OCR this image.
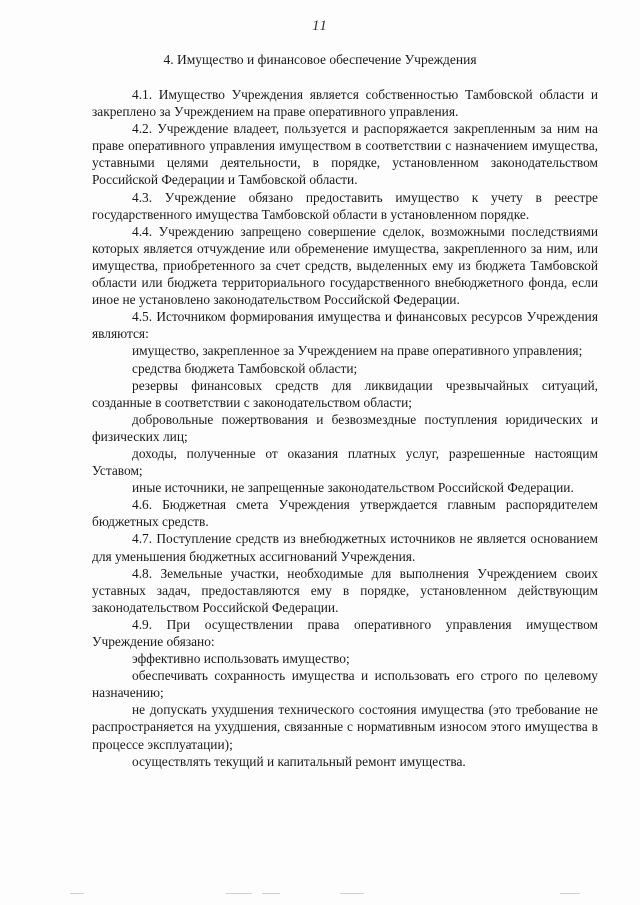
11
4. Имущество и финансовое обеспечение Учреждения

4.1. Имущество Учреждения является собственностью Тамбовской области и закреплено за Учреждением на праве оперативного управления.

4.2. Учреждение владеет, пользуется и распоряжается закрепленным за ним на праве оперативного управления имуществом в соответствии с назначением имущества, уставными целями деятельности, в порядке, установленном законодательством Российской Федерации и Тамбовской области.

4.3. Учреждение обязано предоставить имущество к учету в реестре государственного имущества Тамбовской области в установленном порядке.

4.4. Учреждению запрещено совершение сделок, возможными последствиями которых является отчуждение или обременение имущества, закрепленного за ним, или имущества, приобретенного за счет средств, выделенных ему из бюджета Тамбовской области или бюджета территориального государственного внебюджетного фонда, если иное не установлено законодательством Российской Федерации.

4.5. Источником формирования имущества и финансовых ресурсов Учреждения являются:

имущество, закрепленное за Учреждением на праве оперативного управления;

средства бюджета Тамбовской области;

резервы финансовых средств для ликвидации чрезвычайных ситуаций, созданные в соответствии с законодательством области;

добровольные пожертвования и безвозмездные поступления юридических и физических лиц;

доходы, полученные от оказания платных услуг, разрешенные настоящим Уставом;

иные источники, не запрещенные законодательством Российской Федерации.

4.6. Бюджетная смета Учреждения утверждается главным распорядителем бюджетных средств.

4.7. Поступление средств из внебюджетных источников не является основанием для уменьшения бюджетных ассигнований Учреждения.

4.8. Земельные участки, необходимые для выполнения Учреждением своих уставных задач, предоставляются ему в порядке, установленном действующим законодательством Российской Федерации.

4.9. При осуществлении права оперативного управления имуществом Учреждение обязано:

эффективно использовать имущество;

обеспечивать сохранность имущества и использовать его строго по целевому назначению;

не допускать ухудшения технического состояния имущества (это требование не распространяется на ухудшения, связанные с нормативным износом этого имущества в процессе эксплуатации);

осуществлять текущий и капитальный ремонт имущества.
